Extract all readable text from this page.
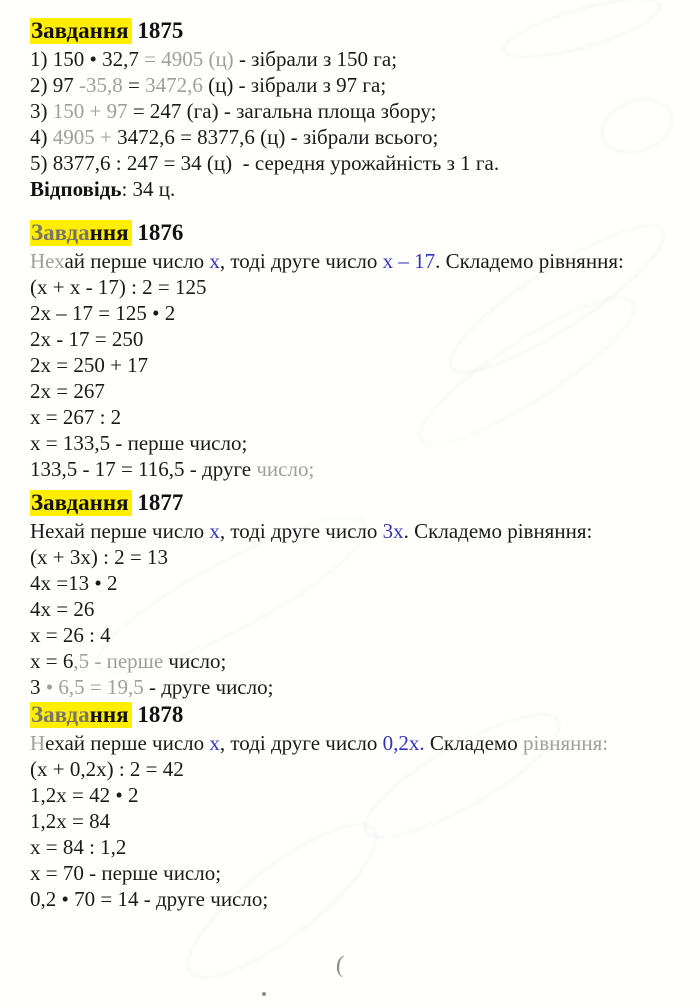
Завдання 1875
1) 150 • 32,7 = 4905 (ц) - зібрали з 150 га;
2) 97 -35,8 = 3472,6 (ц) - зібрали з 97 га;
3) 150 + 97 = 247 (га) - загальна площа збору;
4) 4905 + 3472,6 = 8377,6 (ц) - зібрали всього;
5) 8377,6 : 247 = 34 (ц)  - середня урожайність з 1 га.
Відповідь: 34 ц.
Завдання 1876
Нехай перше число х, тоді друге число х – 17. Складемо рівняння:
(х + х - 17) : 2 = 125
2х – 17 = 125 • 2
2х - 17 = 250
2х = 250 + 17
2х = 267
х = 267 : 2
х = 133,5 - перше число;
133,5 - 17 = 116,5 - друге число;
Завдання 1877
Нехай перше число х, тоді друге число 3х. Складемо рівняння:
(х + 3х) : 2 = 13
4х =13 • 2
4х = 26
х = 26 : 4
х = 6,5 - перше число;
3 • 6,5 = 19,5 - друге число;
Завдання 1878
Нехай перше число х, тоді друге число 0,2х. Складемо рівняння:
(х + 0,2х) : 2 = 42
1,2х = 42 • 2
1,2х = 84
х = 84 : 1,2
х = 70 - перше число;
0,2 • 70 = 14 - друге число;
(
